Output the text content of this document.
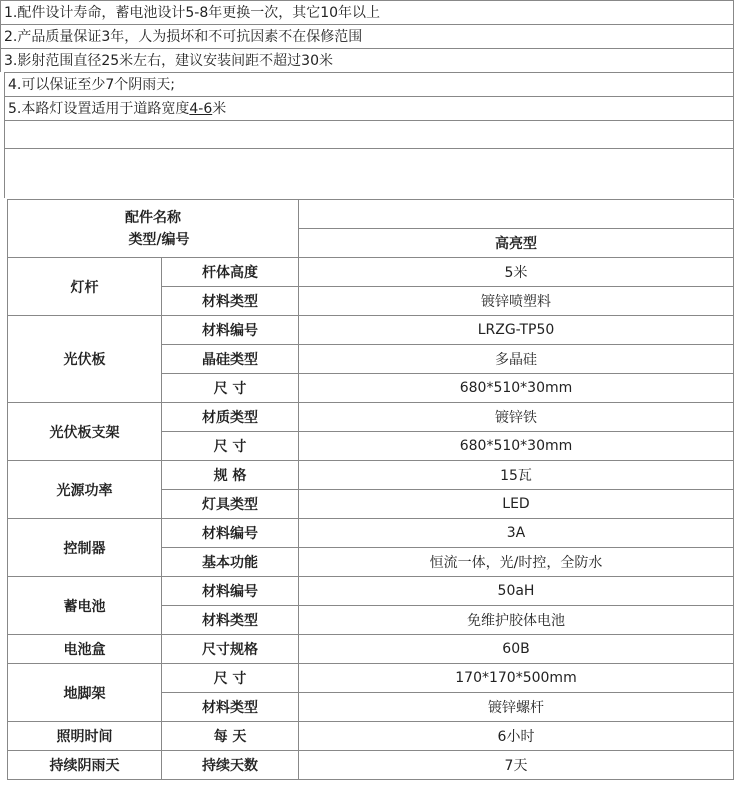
1.配件设计寿命，蓄电池设计5-8年更换一次，其它10年以上
2.产品质量保证3年，人为损坏和不可抗因素不在保修范围
3.影射范围直径25米左右，建议安装间距不超过30米
4.可以保证至少7个阴雨天;
5.本路灯设置适用于道路宽度4-6米
配件名称
类型/编号		

		高亮型
灯杆	杆体高度	5米
	材料类型	镀锌喷塑料
光伏板	材料编号	LRZG-TP50
	晶硅类型	多晶硅
	尺 寸	680*510*30mm
光伏板支架	材质类型	镀锌铁
	尺 寸	680*510*30mm
光源功率	规 格	15瓦
	灯具类型	LED
控制器	材料编号	3A
	基本功能	恒流一体，光/时控，全防水
蓄电池	材料编号	50aH
	材料类型	免维护胶体电池
电池盒	尺寸规格	60B
地脚架	尺 寸	170*170*500mm
	材料类型	镀锌螺杆
照明时间	每 天	6小时
持续阴雨天	持续天数	7天
